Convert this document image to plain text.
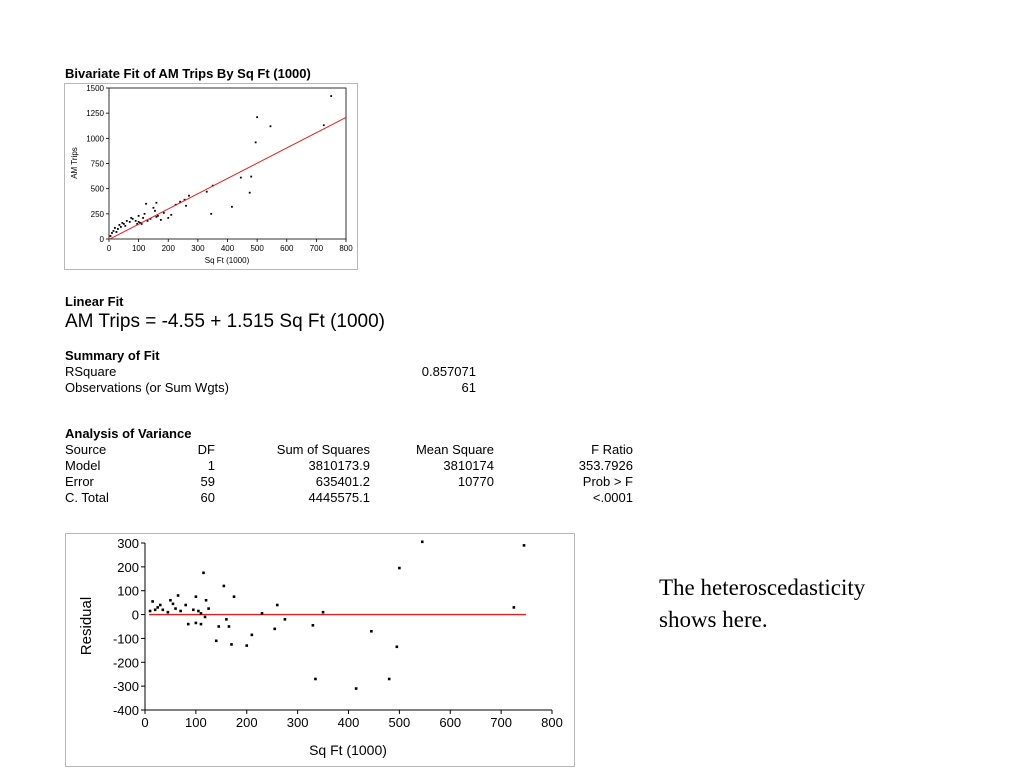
Bivariate Fit of AM Trips By Sq Ft (1000)
0	100 200 300 400 500 600 700 800
0
250
500
750
1000
1250
1500
Sq Ft (1000)
AM Trips
Linear Fit
AM Trips = -4.55 + 1.515 Sq Ft (1000)
Summary of Fit
RSquare	0.857071
Observations (or Sum Wgts)	61
Analysis of Variance
Source	DF	Sum of Squares	Mean Square	F Ratio
Model	1	3810173.9	3810174	353.7926
Error	59	635401.2	10770	Prob > F
C. Total	60	4445575.1		<.0001
0	100 200 300 400 500 600 700 800
300
200
100
0
-100
-200
-300
-400
Sq Ft (1000)
Residual
The heteroscedasticity
shows here.
